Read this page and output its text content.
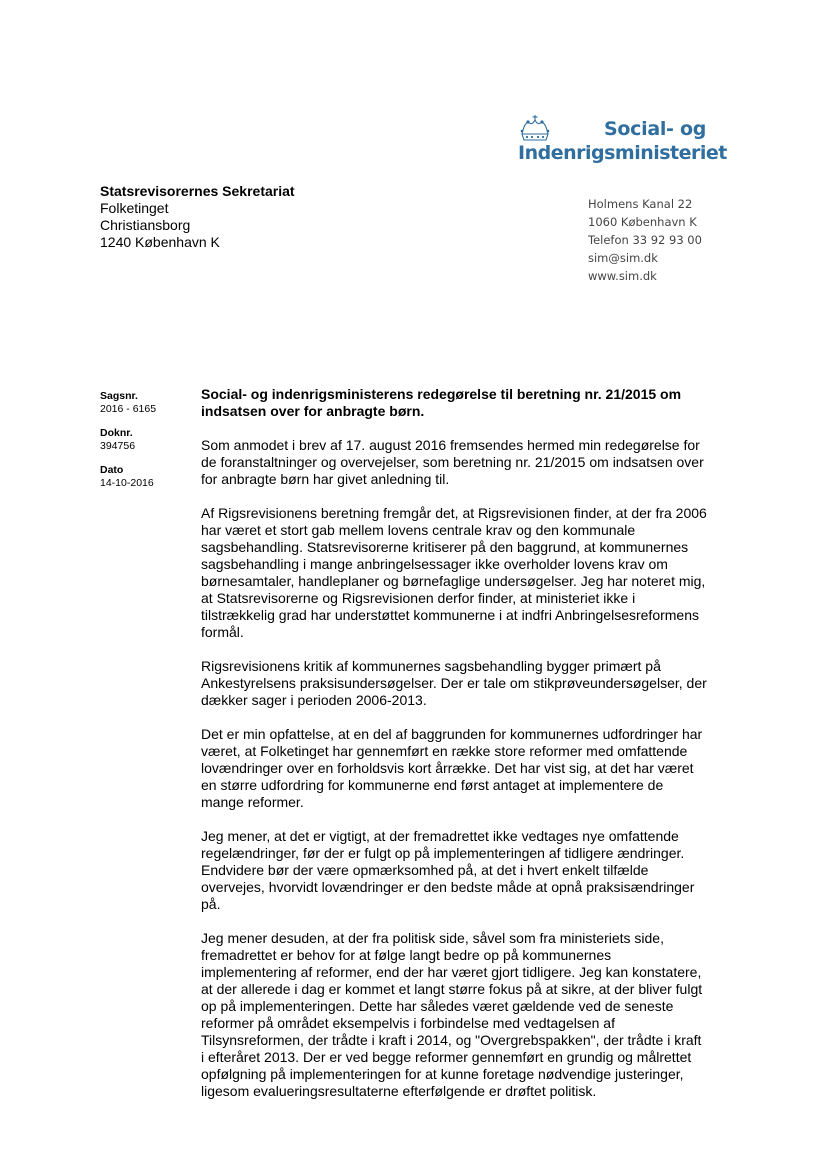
Social- og
Indenrigsministeriet
Statsrevisorernes Sekretariat
Folketinget
Christiansborg
1240 København K
Holmens Kanal 22
1060 København K
Telefon 33 92 93 00
sim@sim.dk
www.sim.dk
Sagsnr.
2016 - 6165
Doknr.
394756
Dato
14-10-2016
Social- og indenrigsministerens redegørelse til beretning nr. 21/2015 om indsatsen over for anbragte børn.

Som anmodet i brev af 17. august 2016 fremsendes hermed min redegørelse for de foranstaltninger og overvejelser, som beretning nr. 21/2015 om indsatsen over for anbragte børn har givet anledning til.

Af Rigsrevisionens beretning fremgår det, at Rigsrevisionen finder, at der fra 2006 har været et stort gab mellem lovens centrale krav og den kommunale sagsbehandling. Statsrevisorerne kritiserer på den baggrund, at kommunernes sagsbehandling i mange anbringelsessager ikke overholder lovens krav om børnesamtaler, handleplaner og børnefaglige undersøgelser. Jeg har noteret mig, at Statsrevisorerne og Rigsrevisionen derfor finder, at ministeriet ikke i tilstrækkelig grad har understøttet kommunerne i at indfri Anbringelsesreformens formål.

Rigsrevisionens kritik af kommunernes sagsbehandling bygger primært på Ankestyrelsens praksisundersøgelser. Der er tale om stikprøveundersøgelser, der dækker sager i perioden 2006-2013.

Det er min opfattelse, at en del af baggrunden for kommunernes udfordringer har været, at Folketinget har gennemført en række store reformer med omfattende lovændringer over en forholdsvis kort årrække. Det har vist sig, at det har været en større udfordring for kommunerne end først antaget at implementere de mange reformer.

Jeg mener, at det er vigtigt, at der fremadrettet ikke vedtages nye omfattende regelændringer, før der er fulgt op på implementeringen af tidligere ændringer. Endvidere bør der være opmærksomhed på, at det i hvert enkelt tilfælde overvejes, hvorvidt lovændringer er den bedste måde at opnå praksisændringer på.

Jeg mener desuden, at der fra politisk side, såvel som fra ministeriets side, fremadrettet er behov for at følge langt bedre op på kommunernes implementering af reformer, end der har været gjort tidligere. Jeg kan konstatere, at der allerede i dag er kommet et langt større fokus på at sikre, at der bliver fulgt op på implementeringen. Dette har således været gældende ved de seneste reformer på området eksempelvis i forbindelse med vedtagelsen af Tilsynsreformen, der trådte i kraft i 2014, og "Overgrebspakken", der trådte i kraft i efteråret 2013. Der er ved begge reformer gennemført en grundig og målrettet opfølgning på implementeringen for at kunne foretage nødvendige justeringer, ligesom evalueringsresultaterne efterfølgende er drøftet politisk.
